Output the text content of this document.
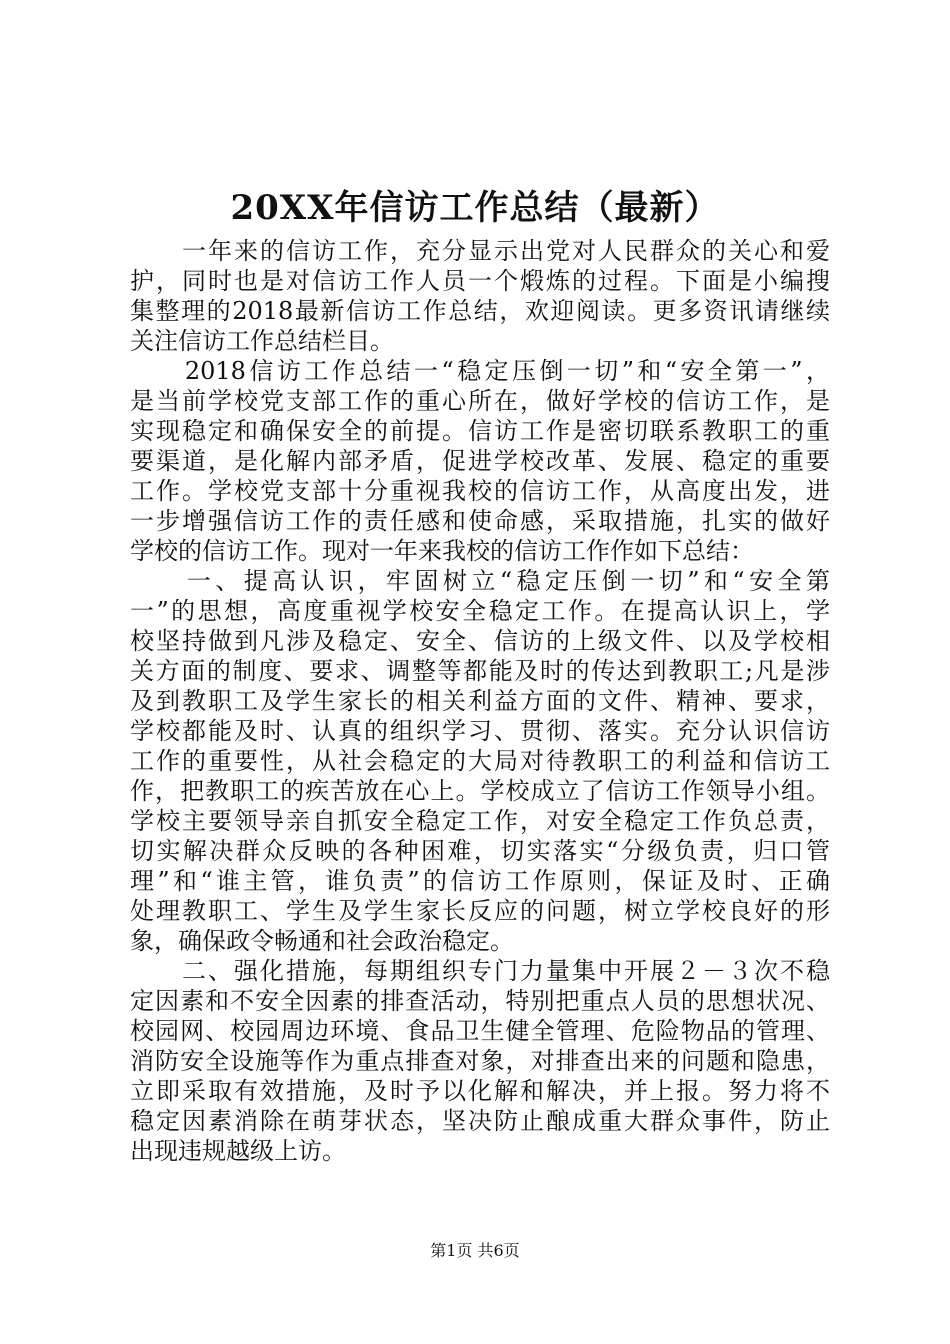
20XX年信访工作总结（最新）
　　一年来的信访工作，充分显示出党对人民群众的关心和爱
护，同时也是对信访工作人员一个煅炼的过程。下面是小编搜
集整理的2018最新信访工作总结，欢迎阅读。更多资讯请继续
关注信访工作总结栏目。
　　2018信访工作总结一“稳定压倒一切”和“安全第一”，
是当前学校党支部工作的重心所在，做好学校的信访工作，是
实现稳定和确保安全的前提。信访工作是密切联系教职工的重
要渠道，是化解内部矛盾，促进学校改革、发展、稳定的重要
工作。学校党支部十分重视我校的信访工作，从高度出发，进
一步增强信访工作的责任感和使命感，采取措施，扎实的做好
学校的信访工作。现对一年来我校的信访工作作如下总结：
　　一、提高认识，牢固树立“稳定压倒一切”和“安全第
一”的思想，高度重视学校安全稳定工作。在提高认识上，学
校坚持做到凡涉及稳定、安全、信访的上级文件、以及学校相
关方面的制度、要求、调整等都能及时的传达到教职工;凡是涉
及到教职工及学生家长的相关利益方面的文件、精神、要求，
学校都能及时、认真的组织学习、贯彻、落实。充分认识信访
工作的重要性，从社会稳定的大局对待教职工的利益和信访工
作，把教职工的疾苦放在心上。学校成立了信访工作领导小组。
学校主要领导亲自抓安全稳定工作，对安全稳定工作负总责，
切实解决群众反映的各种困难，切实落实“分级负责，归口管
理”和“谁主管，谁负责”的信访工作原则，保证及时、正确
处理教职工、学生及学生家长反应的问题，树立学校良好的形
象，确保政令畅通和社会政治稳定。
　　二、强化措施，每期组织专门力量集中开展２－３次不稳
定因素和不安全因素的排查活动，特别把重点人员的思想状况、
校园网、校园周边环境、食品卫生健全管理、危险物品的管理、
消防安全设施等作为重点排查对象，对排查出来的问题和隐患，
立即采取有效措施，及时予以化解和解决，并上报。努力将不
稳定因素消除在萌芽状态，坚决防止酿成重大群众事件，防止
出现违规越级上访。
第1页 共6页
